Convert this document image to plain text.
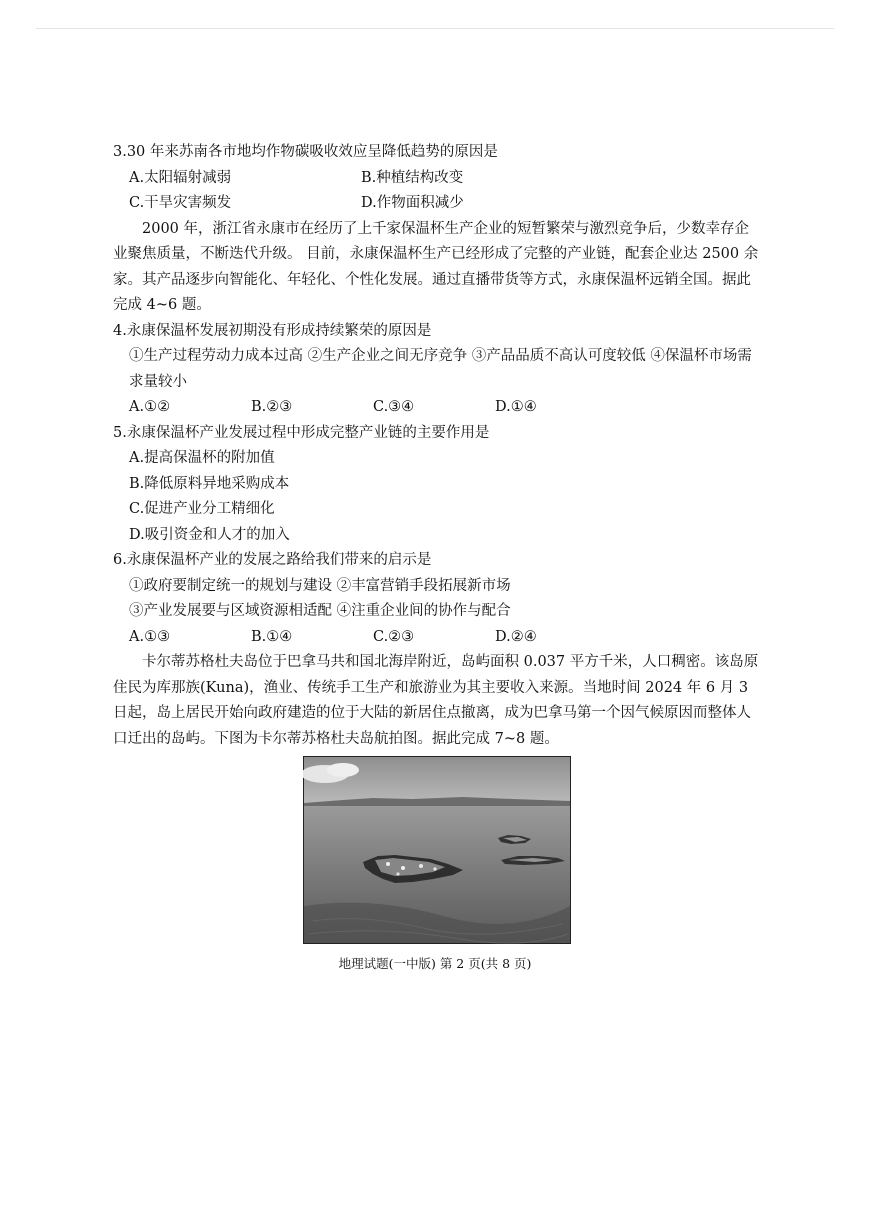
3.30 年来苏南各市地均作物碳吸收效应呈降低趋势的原因是

A.太阳辐射减弱	B.种植结构改变
C.干旱灾害频发	D.作物面积减少

2000 年，浙江省永康市在经历了上千家保温杯生产企业的短暂繁荣与激烈竞争后，少数幸存企业聚焦质量，不断迭代升级。 目前，永康保温杯生产已经形成了完整的产业链，配套企业达 2500 余家。其产品逐步向智能化、年轻化、个性化发展。通过直播带货等方式，永康保温杯远销全国。据此完成 4~6 题。

4.永康保温杯发展初期没有形成持续繁荣的原因是

①生产过程劳动力成本过高 ②生产企业之间无序竞争 ③产品品质不高认可度较低 ④保温杯市场需求量较小
A.①②	B.②③	C.③④	D.①④

5.永康保温杯产业发展过程中形成完整产业链的主要作用是

A.提高保温杯的附加值
B.降低原料异地采购成本
C.促进产业分工精细化
D.吸引资金和人才的加入

6.永康保温杯产业的发展之路给我们带来的启示是

①政府要制定统一的规划与建设 ②丰富营销手段拓展新市场
③产业发展要与区域资源相适配 ④注重企业间的协作与配合
A.①③	B.①④	C.②③	D.②④

卡尔蒂苏格杜夫岛位于巴拿马共和国北海岸附近，岛屿面积 0.037 平方千米，人口稠密。该岛原住民为库那族(Kuna)，渔业、传统手工生产和旅游业为其主要收入来源。当地时间 2024 年 6 月 3 日起，岛上居民开始向政府建造的位于大陆的新居住点撤离，成为巴拿马第一个因气候原因而整体人口迁出的岛屿。下图为卡尔蒂苏格杜夫岛航拍图。据此完成 7~8 题。

地理试题(一中版) 第 2 页(共 8 页)
